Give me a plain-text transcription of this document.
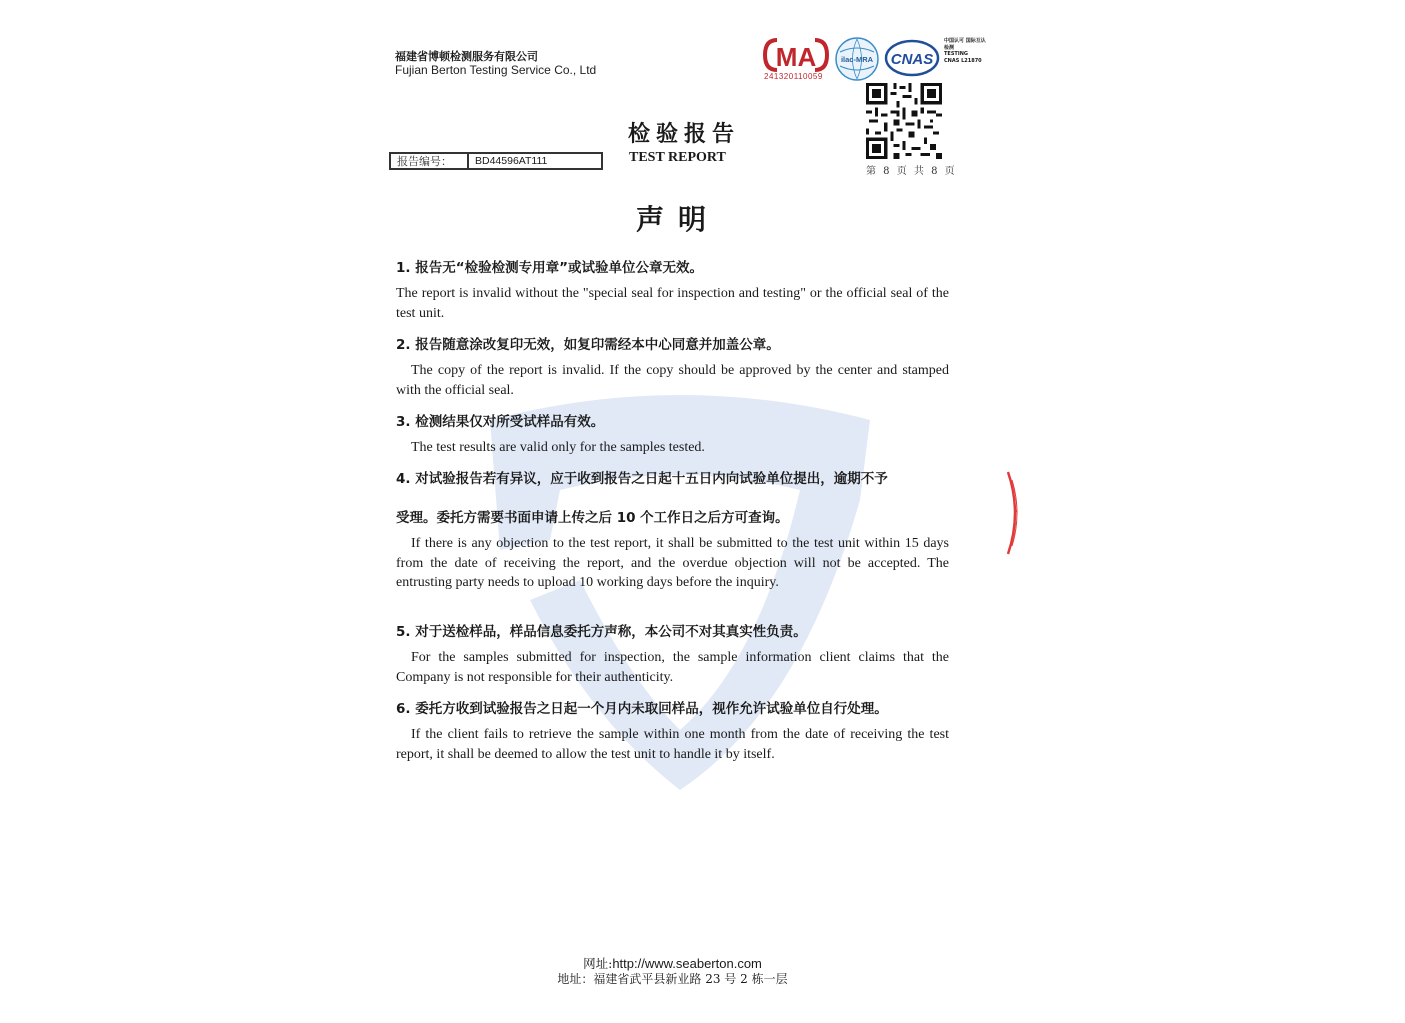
福建省博顿检测服务有限公司
Fujian Berton Testing Service Co., Ltd
报告编号：	BD44596AT111
检验报告
TEST REPORT
MA
241320110059
ilac-MRA CNAS
中国认可 国际互认 检测
TESTING
CNAS L21870
第 8 页 共 8 页
声明
1. 报告无“检验检测专用章”或试验单位公章无效。
The report is invalid without the "special seal for inspection and testing" or the official seal of the test unit.
2. 报告随意涂改复印无效，如复印需经本中心同意并加盖公章。
The copy of the report is invalid. If the copy should be approved by the center and stamped with the official seal.
3. 检测结果仅对所受试样品有效。
The test results are valid only for the samples tested.
4. 对试验报告若有异议，应于收到报告之日起十五日内向试验单位提出，逾期不予
受理。委托方需要书面申请上传之后 10 个工作日之后方可查询。
If there is any objection to the test report, it shall be submitted to the test unit within 15 days from the date of receiving the report, and the overdue objection will not be accepted. The entrusting party needs to upload 10 working days before the inquiry.
5. 对于送检样品，样品信息委托方声称，本公司不对其真实性负责。
For the samples submitted for inspection, the sample information client claims that the Company is not responsible for their authenticity.
6. 委托方收到试验报告之日起一个月内未取回样品，视作允许试验单位自行处理。
If the client fails to retrieve the sample within one month from the date of receiving the test report, it shall be deemed to allow the test unit to handle it by itself.
网址:http://www.seaberton.com
地址：福建省武平县新业路 23 号 2 栋一层
